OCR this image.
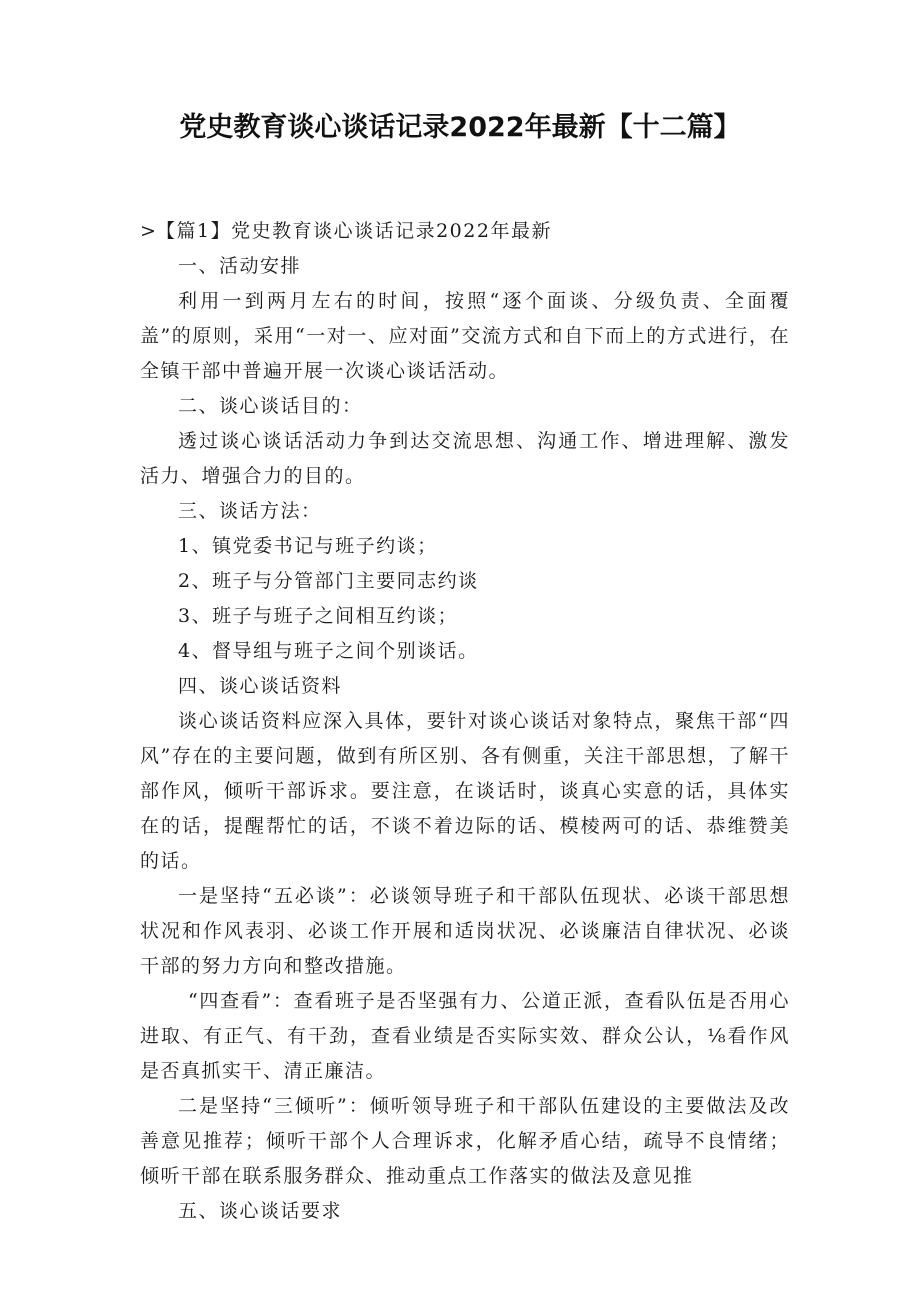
党史教育谈心谈话记录2022年最新【十二篇】

>【篇1】党史教育谈心谈话记录2022年最新

一、活动安排

利用一到两月左右的时间，按照“逐个面谈、分级负责、全面覆盖”的原则，采用“一对一、应对面”交流方式和自下而上的方式进行，在全镇干部中普遍开展一次谈心谈话活动。

二、谈心谈话目的：

透过谈心谈话活动力争到达交流思想、沟通工作、增进理解、激发活力、增强合力的目的。

三、谈话方法：

1、镇党委书记与班子约谈；

2、班子与分管部门主要同志约谈

3、班子与班子之间相互约谈；

4、督导组与班子之间个别谈话。

四、谈心谈话资料

谈心谈话资料应深入具体，要针对谈心谈话对象特点，聚焦干部“四风”存在的主要问题，做到有所区别、各有侧重，关注干部思想，了解干部作风，倾听干部诉求。要注意，在谈话时，谈真心实意的话，具体实在的话，提醒帮忙的话，不谈不着边际的话、模棱两可的话、恭维赞美的话。

一是坚持“五必谈”：必谈领导班子和干部队伍现状、必谈干部思想状况和作风表羽、必谈工作开展和适岗状况、必谈廉洁自律状况、必谈干部的努力方向和整改措施。

“四查看”：查看班子是否坚强有力、公道正派，查看队伍是否用心进取、有正气、有干劲，查看业绩是否实际实效、群众公认，⅛看作风是否真抓实干、清正廉洁。

二是坚持“三倾听”：倾听领导班子和干部队伍建设的主要做法及改善意见推荐；倾听干部个人合理诉求，化解矛盾心结，疏导不良情绪；倾听干部在联系服务群众、推动重点工作落实的做法及意见推

五、谈心谈话要求
